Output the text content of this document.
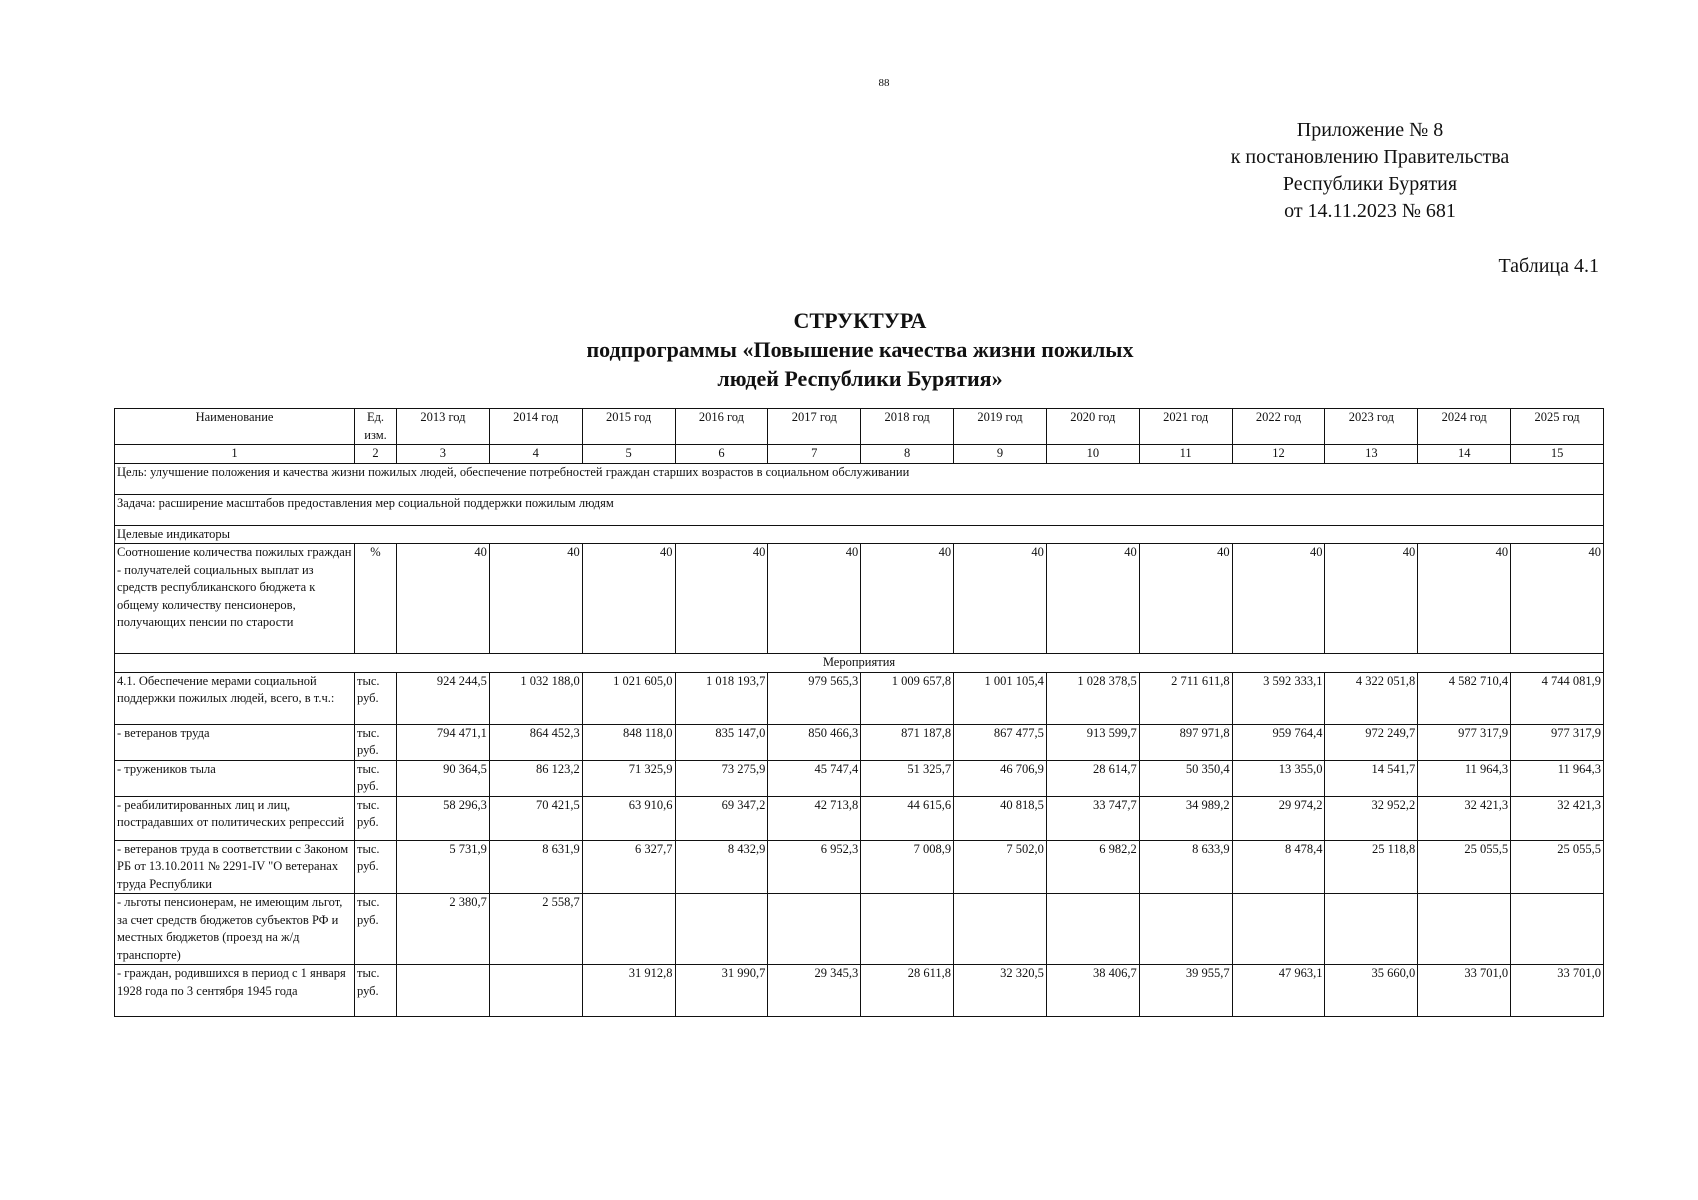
88
Приложение № 8
к постановлению Правительства
Республики Бурятия
от 14.11.2023 № 681
Таблица 4.1
СТРУКТУРА
подпрограммы «Повышение качества жизни пожилых
людей Республики Бурятия»
Наименование	Ед. изм.	2013 год	2014 год	2015 год	2016 год	2017 год	2018 год	2019 год	2020 год	2021 год	2022 год	2023 год	2024 год	2025 год
1	2	3	4	5	6	7	8	9	10	11	12	13	14	15
Цель: улучшение положения и качества жизни пожилых людей, обеспечение потребностей граждан старших возрастов в социальном обслуживании														
Задача: расширение масштабов предоставления мер социальной поддержки пожилым людям														
Целевые индикаторы														
Соотношение количества пожилых граждан - получателей социальных выплат из средств республиканского бюджета к общему количеству пенсионеров, получающих пенсии по старости	%	40	40	40	40	40	40	40	40	40	40	40	40	40
Мероприятия														
4.1. Обеспечение мерами социальной поддержки пожилых людей, всего, в т.ч.:	тыс. руб.	924 244,5	1 032 188,0	1 021 605,0	1 018 193,7	979 565,3	1 009 657,8	1 001 105,4	1 028 378,5	2 711 611,8	3 592 333,1	4 322 051,8	4 582 710,4	4 744 081,9
- ветеранов труда	тыс. руб.	794 471,1	864 452,3	848 118,0	835 147,0	850 466,3	871 187,8	867 477,5	913 599,7	897 971,8	959 764,4	972 249,7	977 317,9	977 317,9
- тружеников тыла	тыс. руб.	90 364,5	86 123,2	71 325,9	73 275,9	45 747,4	51 325,7	46 706,9	28 614,7	50 350,4	13 355,0	14 541,7	11 964,3	11 964,3
- реабилитированных лиц и лиц, пострадавших от политических репрессий	тыс. руб.	58 296,3	70 421,5	63 910,6	69 347,2	42 713,8	44 615,6	40 818,5	33 747,7	34 989,2	29 974,2	32 952,2	32 421,3	32 421,3
- ветеранов труда в соответствии с Законом РБ от 13.10.2011 № 2291-IV "О ветеранах труда Республики	тыс. руб.	5 731,9	8 631,9	6 327,7	8 432,9	6 952,3	7 008,9	7 502,0	6 982,2	8 633,9	8 478,4	25 118,8	25 055,5	25 055,5
- льготы пенсионерам, не имеющим льгот, за счет средств бюджетов субъектов РФ и местных бюджетов (проезд на ж/д транспорте)	тыс. руб.	2 380,7	2 558,7											
- граждан, родившихся в период с 1 января 1928 года по 3 сентября 1945 года	тыс. руб.			31 912,8	31 990,7	29 345,3	28 611,8	32 320,5	38 406,7	39 955,7	47 963,1	35 660,0	33 701,0	33 701,0
